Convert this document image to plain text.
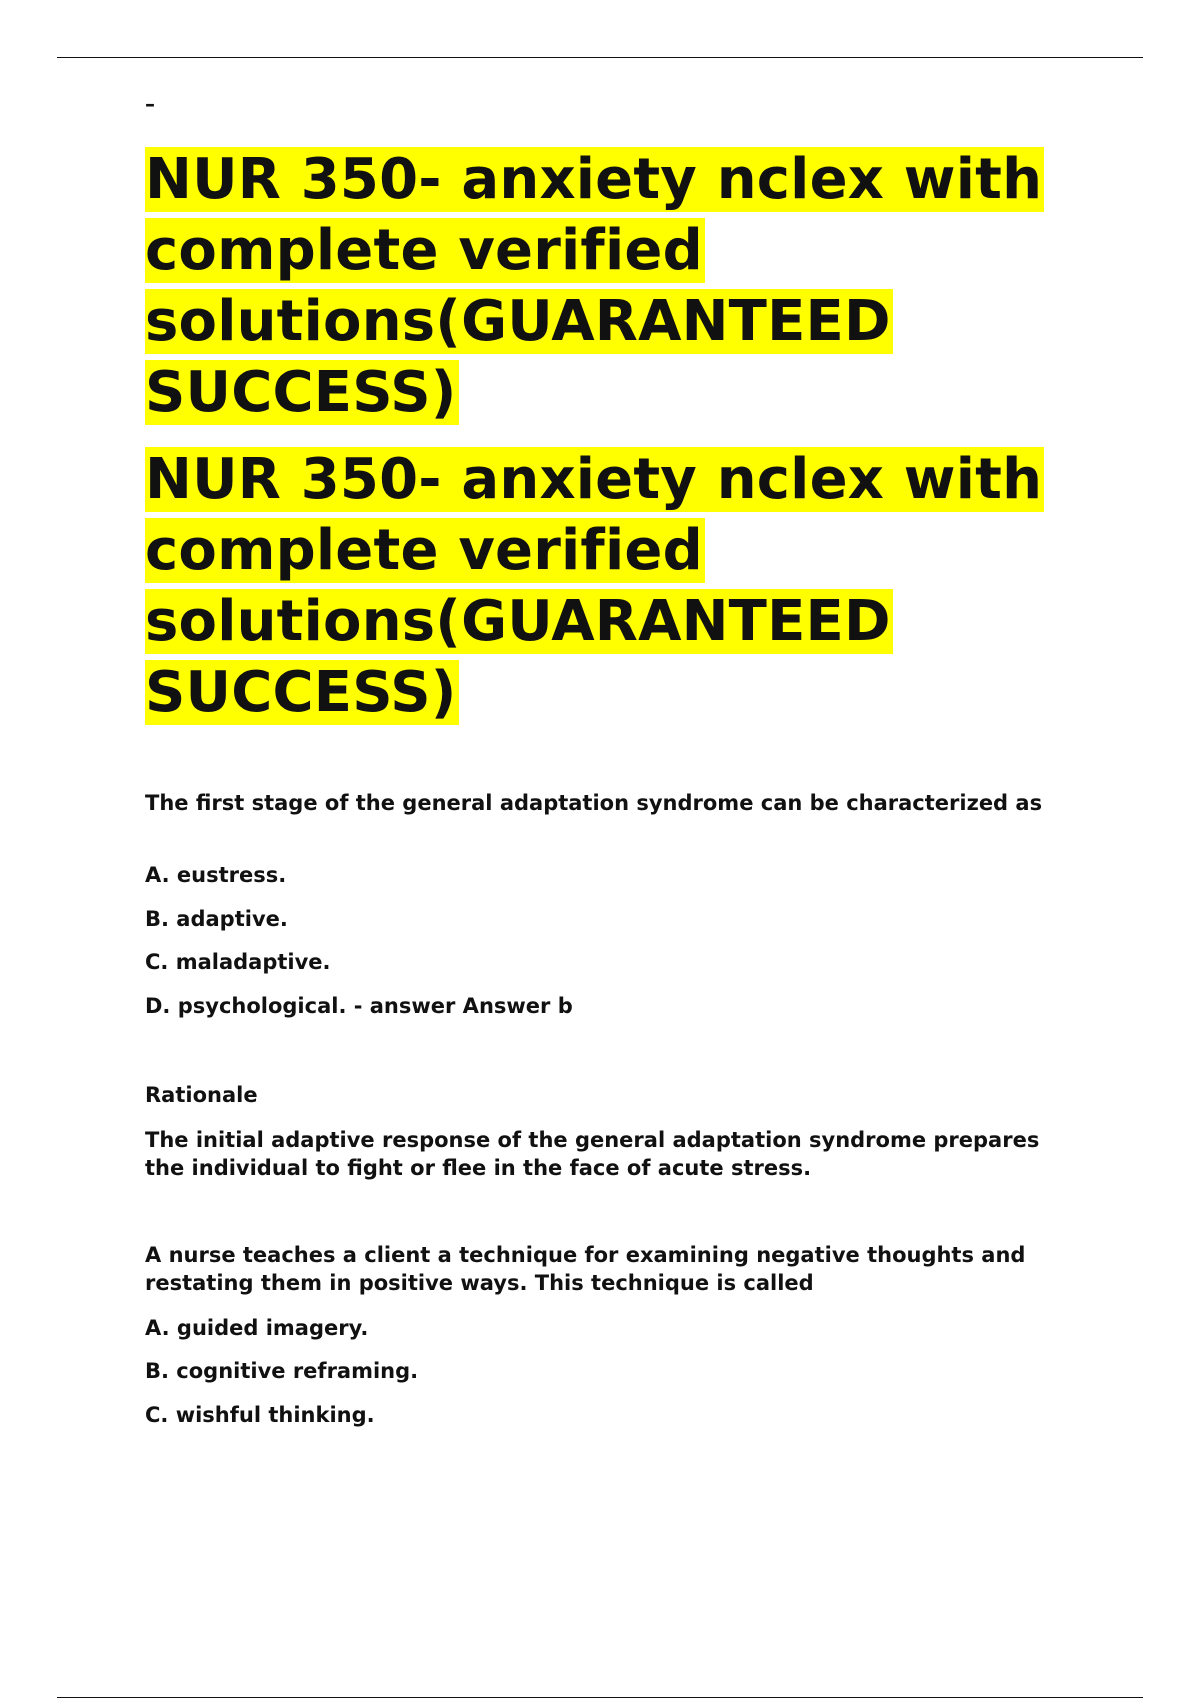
–
NUR 350- anxiety nclex with complete verified solutions(GUARANTEED SUCCESS)
NUR 350- anxiety nclex with complete verified solutions(GUARANTEED SUCCESS)

The first stage of the general adaptation syndrome can be characterized as

A. eustress.

B. adaptive.

C. maladaptive.

D. psychological. - answer Answer b

Rationale

The initial adaptive response of the general adaptation syndrome prepares the individual to fight or flee in the face of acute stress.

A nurse teaches a client a technique for examining negative thoughts and restating them in positive ways. This technique is called

A. guided imagery.

B. cognitive reframing.

C. wishful thinking.
